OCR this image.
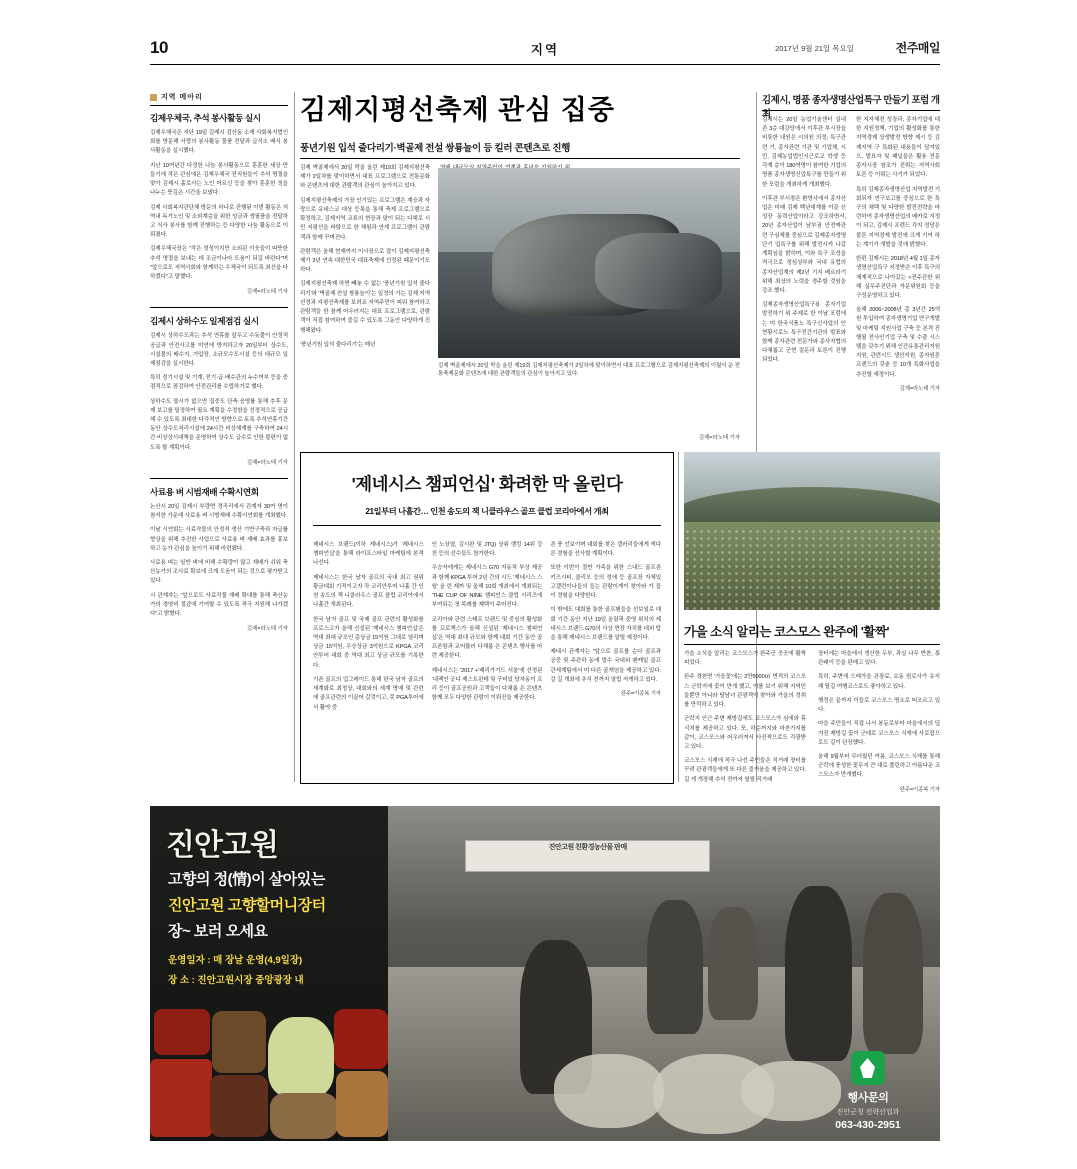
10	지역	2017년 9월 21일 목요일	전주매일
지역 메아리
김제우체국, 추석 봉사활동 실시

김제우체국은 지난 19일 김제시 검산동 소재 사회복지법인회를 방문해 사랑의 봉사활동 물품 전달과 급식소 배식 봉사활동을 실시했다.

지난 10여년간 다정한 나눔 봉사활동으로 훈훈한 세상 만들기에 작은 관심에온 김제우체국 전직원들이 추석 명절을 맞아 김제시 홀로사는 노인 어르신 등을 찾아 훈훈한 정을 나누는 뜻깊은 시간을 보냈다.

김제 사회복지관단체 방문의 하나로 진행된 이번 활동은 지역내 독거노인 및 소외계층을 위한 성금과 생필품을 전달하고 식사 봉사를 함께 진행하는 등 다양한 나눔 활동으로 이뤄졌다.

김제우체국장은 "작은 정성이지만 소외된 이웃들이 따뜻한 추석 명절을 보내는 데 조금이나마 도움이 되길 바란다"며 "앞으로도 지역사회와 함께하는 우체국이 되도록 최선을 다하겠다"고 말했다.

김제=라노태 기자
김제시 상하수도 일제점검 실시

김제시 상하수도과는 추석 연휴를 앞두고 수돗물이 안정적 공급과 안전사고를 미연에 방지하고자 20일부터 상수도, 시설물의 배수지, 가압장, 소규모수도시설 등의 대규모 일제점검을 실시한다.

특히 정기시설 및 기계, 전기·급·배수관의 누수여부 등을 중점적으로 점검하여 안전관리를 수립하기로 했다.

상하수도 불시가 없으면 집중도 단축·음영률 통해 추후 문제 보고를 밀정하여 필요 계획을 수정함을 선정적으로 공급해 수 있도록 최대한 다각적인 방향으로 토록 추석연휴기간 동안 상수도처리시설에 24시간 비상체계를 구축하여 24시간 비상상시대책을 운영하여 상수도 급수로 인한 불편이 없도록 할 계획이다.

김제=라노태 기자
사료용 벼 시범재배 수확시연회

논산시 20일 김제시 부량면 정곡리에서 관계자 30여 명이 참석한 가운데 사료용 벼 시범재배 수확시연회를 개최했다.

이날 시연회는 사료작물의 안정적 생산 기반구축과 자급률 향상을 위해 추진한 사업으로 사료용 벼 재배 효과를 홍보하고 농가 관심을 높이기 위해 마련됐다.

사료용 벼는 일반 벼에 비해 수확량이 많고 재배가 쉬워 축산농가의 조사료 확보에 크게 도움이 되는 것으로 평가받고 있다.

시 관계자는 "앞으로도 사료작물 재배 확대를 통해 축산농가의 경영비 절감에 기여할 수 있도록 적극 지원해 나가겠다"고 밝혔다.

김제=라노태 기자
김제지평선축제 관심 집중
풍년기원 입석 줄다리기·벽골제 전설 쌍룡놀이 등 킬러 콘텐츠로 진행

김제 벽골제에서 20일 막을 올린 제19회 김제지평선축제가 2일차를 맞이하면서 대표 프로그램으로 전통문화와 콘텐츠에 대한 관람객의 관심이 높아지고 있다.

김제지평선축제의 가장 인기있는 프로그램은 계승과 자랑으로 유네스코 대상 등록을 통해 축제 프로그램으로 확정하고, 김제지역 교류의 현장과 맞이 되는 다채로 시민 지평선을 바탕으로 한 체험과 연계 프로그램이 관람객과 함께 꾸며진다.

관람객은 올해 현재까지 이사장으로 잡이 김제지평선축제가 3년 연속 대한민국 대표축제에 선정된 때문이기도 하다.

김제지평선축제 하면 빼놓 수 없는 '풍년기원 입석 줄다리기'와 '벽골제 전설 쌍룡놀이'는 일정의 가는 김제 지역 선정과 지평선축제를 보려죠 지역주민이 피워 참여하고 관람객들 한 참께 어우러지는 대표 프로그램으로, 관람객이 직접 참여하여 즐길 수 있도록 그동안 다양하게 진행해왔다.

'풍년기원 입석 줄다리기'는 매년

김제 벽골제에서 20일 막을 올린 제19회 김제지평선축제가 2일차에 맞이하면서 대표 프로그램으로 김제지평선축제의 이월이 운 전통축제문화 콘텐츠에 대한 관람객들의 관심이 높아지고 있다.
김제=라노태 기자
김제시, 명품 종자생명산업특구 만들기 포럼 개최

김제시는 20일 농업기술센터 실내존 3층 대강당에서 이후관 부시장을 비롯한 내원은 시의원 의정, 특구관련 기, 종자관련 기관 및 기업체, 시민, 김제농업법인시근로교 학생 등 각계 층이 180여명이 참여한 기업의 명품 종자생명신업특구를 만들기 위한 포럼을 개최하게 개최했다.

이후관 부시장은 환영사에서 종자산업은 미래 김제 백년대계를 이끌 신성장 동력산업이라고 강조하면서, 20년 종자산업이 남부권 안전짜관련 구심체를 중심으로 김제종자생명단기 업특구를 위해 발전시켜 나갈 계획임을 밝히며, 이와 특구 조성을 적극으로 정심상부와 국내 유럽의 종자산업계의 제2년 기지 베르라기 위해 최상의 노력을 경주할 것임을 강조 했다.

김제종자생명산업특구용 종자기업 발전하기 위 주제로 한 이날 포럼에는 미 한국식품노 특구신사업의 인 현황시로노 특구전간기관의 발표와 함께 종자관련 전문가와 종사자협의 다채롭고 군현 질문과 토론이 진행 되었다.

한 지자체전 성장과, 종자기업에 대한 지원정책, 기업의 활성화를 통한 지역경제 상생발전 방향 제시 등 김제지역 구 특화된 내용들이 담겨있으, 발표자 및 패널들은 활용 전문 종자시장 참조가 진취는 지역사회 토론 등 이뤄는 사기가 되었다.

특히 김제종자생명산업 지역발전 기회되자 연구보고를 중심으로 한 특구의 채택 및 다양한 발전전략을 마련하여 종자생명산업의 메카로 지정이 되고, 김제시 프렌드 각지 정당은 물론 지역경제 발전에 크게 기여 하는 계기가 개발을 것에 밝혔다.

한편 김제시는 2018년 4월 1일 종자생명산업특구 지정받은 이후 특구의 체계적으로 나아갔는 <전주관한 위해 실무주진단과 자문위원회 등을 구성운영하고 있다.

올해 2006~2008년 총 3년간 25억원 투입하여 종자생명기업 연구개발 및 마케팅 지원사업 구축 등 본격 진행될 전사인기업 구축 및 수출 시스템을 갖추기 위해 인간유통관리지원 지원, 관련시드 생산지원, 종자원론 프렌드의 갖춘 등 10개 특화사업을 추진할 예정이다.

김제=라노태 기자
'제네시스 챔피언십' 화려한 막 올린다
21일부터 나흘간… 인천 송도의 잭 니클라우스 골프 클럽 코리아에서 개최

제네시스 브랜드(이하 제네시스)가 '제네시스 챔피언십'을 통해 라이프스타일 마케팅에 본격 나선다.

제네시스는 한국 남자 골프의 국내 최고 권위 황금대회 기적이고자 각 코리안투어 나흘 간 인천 송도의 잭 니클라우스 골프 클럽 코리아에서 나흘간 개최된다.

한국 남자 골프 및 국제 골프 관련의 활성화를 프로스고자 올해 신설된 '제네시스 챔피언십'은 역대 최대 규모인 총상금 15억원 그대로 열리며 상금 15억원, 우승상금 3억원으로 KPGA 코리안투어 대회 중 역대 최고 상금 규모를 기록한다.

기존 골프의 업그레이드 통해 한국 남자 골프의 세계화로 최정상, 대회와의 세계 명예 및 관련에 골프관련의 이끌어 갈것이고, 못 PGA투어에서 활약 중

인 노상열, 김시완 및 JTQ) 상위 랭킹 14위 강천 등의 선수들도 참가한다.

우승자에게는 제네시스 G70 자동차 부상 제공과 함께 KPGA 투어 2년 간의 시드 '제네시스 스윙' 올 린 제까 및 올해 10회 개최에서 개최되는 'THE CUP OF NINE 챔피언스 클럽 시리즈에 부여되는 첫 목례를 제택이 주어진다.

코리아와 관련 스태프 브랜드 및 중심의 활성화를 프로젝스가 올해 신설된 '제네시스 챔피언십'은 역대 최대 규모와 함께 대회 기간 동안 골프존함과 교어뮬러 다채롭 은 콘텐츠 행사를 마련 제공한다.

제네시스는 '2017 +'패리가기드 서울'에 선정된 '내팩인 굿디 제스트윈테 및 구미있 당자동이 프리 등이 골프공원과 고객들이 다채롭 은 콘텐츠 함께 모두 다양한 관람이 이뤄진들 제공한다.

존 풍 선보이며 대회를 찾은 갤러리들에게 색다른 경험을 선사할 계획이다.

또한 이번이 절반 가족을 위한 스내드 골프존 키즈시티, 클리오 등의 정에 등 골프장 자체있고갤런이나들의 들는 관람이게이 찾아와 가 들이 경험을 다양한다.

이 밖에도 대회를 통한 골프팬들을 선보일로 대회 기간 동안 지난 19일 올림픽 중영 위치의 제네시스 브랜드 G70의 사상 현장 자치를 대외 탑을 통해 제네시스 브랜드를 알릴 예정이다.

제네시 관계자는 "앞으로 골프를 순다 골프과 공중 및 주관하 동에 멀수 국내외 팬케일 골프 관세계팀에서 미 다른 골게임을 제공하고 있다. 갈 길 개최에 추식 전까지 열립 저게하고 있다.

완주=이종복 기자
가을 소식 알리는 코스모스 완주에 '활짝'

가을 소식을 알리는 코스모스가 완주군 곳곳에 활짝 피었다.

완주 경천면 '가을꽃'에는 2만5000㎡ 면적의 코스모스 군락지에 꽃이 만개 했고, 이를 보기 위해 지역민들뿐만 아니라 탈남녀 관광객이 찾아와 가을의 정취를 만끽하고 있다.

군락지 인근 주변 제방길에도 코스모스가 심에와 휴식처를 제공하고 있다. 또, 하순까지와 마찬가지를 같이, 코스모스와 어우러져서 사진찍으로도 각광받고 있다.

코스모스 식재에 적극 나선 주민들은 직거래 장터를 꾸려 관광객들에게 또 다른 즐거움을 제공하고 있다. 길 게 개장해 추석 전까지 열릴 직거래

장터에는 마을에서 생산한 두부, 과실 나무 반찬, 茶관래이 등을 판매고 있다.

특히, 주변에 으래가을 관광료, 요동 원로사가 유지해 탈길 여행코스로도 좋아하고 있다.

행정은 끝까지 이들로 코스모스 명소로 떠오르고 있다.

마을 주민들이 직접 나서 봉동로부터 마을에서의 덮겨진 제방길 꽃이 군데로 코스모스 식재에 사로잡으로도 길이 단장했다.

올해 9월부터 무더웠던 여름, 코스모스 식재를 통해 군락에 풍성한 꽃무지 큰 대로 풀린하고 아름다운 코스모스가 만개했다.

완주=이종복 기자
진안고원
고향의 정(情)이 살아있는
진안고원 고향할머니장터
장~ 보러 오세요
운영일자 : 매 장날 운영(4,9일장)
장 소 : 진안고원시장 중앙광장 내
진안고원 친환경농산물 판매
행사문의
진안군청 전략산업과
063-430-2951
